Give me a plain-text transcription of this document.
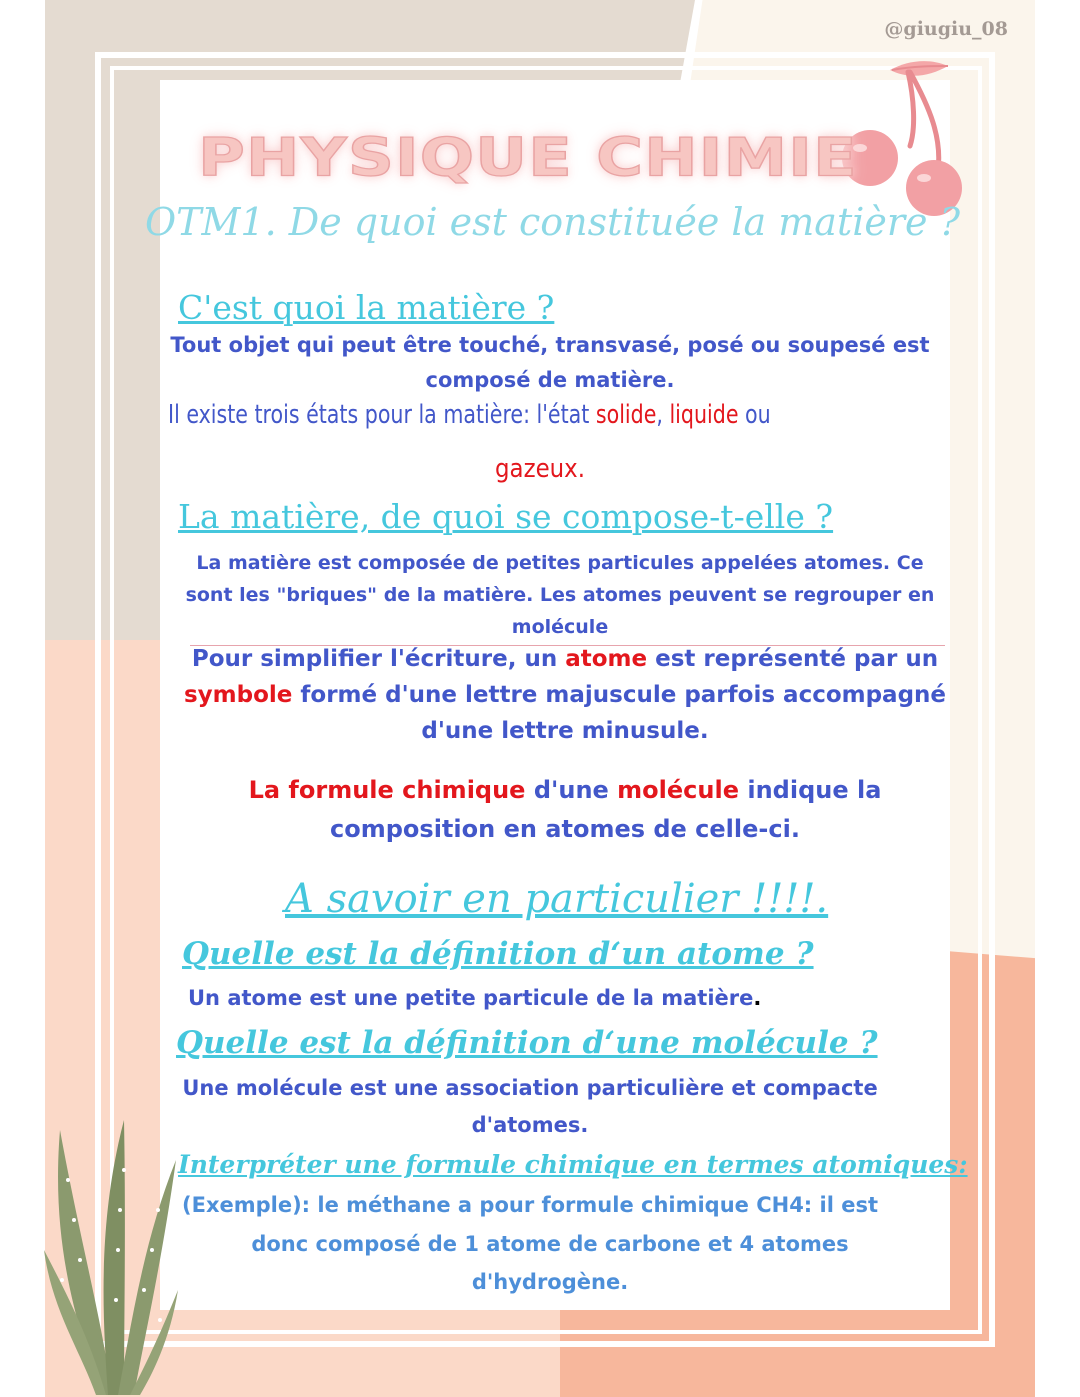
@giugiu_08
PHYSIQUE CHIMIE
OTM1. De quoi est constituée la matière ?
C'est quoi la matière ?
Tout objet qui peut être touché, transvasé, posé ou soupesé est
composé de matière.
Il existe trois états pour la matière: l'état solide, liquide ou
gazeux.
La matière, de quoi se compose-t-elle ?
La matière est composée de petites particules appelées atomes. Ce
sont les "briques" de la matière. Les atomes peuvent se regrouper en
molécule
Pour simplifier l'écriture, un atome est représenté par un
symbole formé d'une lettre majuscule parfois accompagné
d'une lettre minusule.
La formule chimique d'une molécule indique la
composition en atomes de celle-ci.
A savoir en particulier !!!!.
Quelle est la définition d‘un atome ?
Un atome est une petite particule de la matière.
Quelle est la définition d‘une molécule ?
Une molécule est une association particulière et compacte
d'atomes.
Interpréter une formule chimique en termes atomiques:
(Exemple): le méthane a pour formule chimique CH4: il est
donc composé de 1 atome de carbone et 4 atomes
d'hydrogène.
